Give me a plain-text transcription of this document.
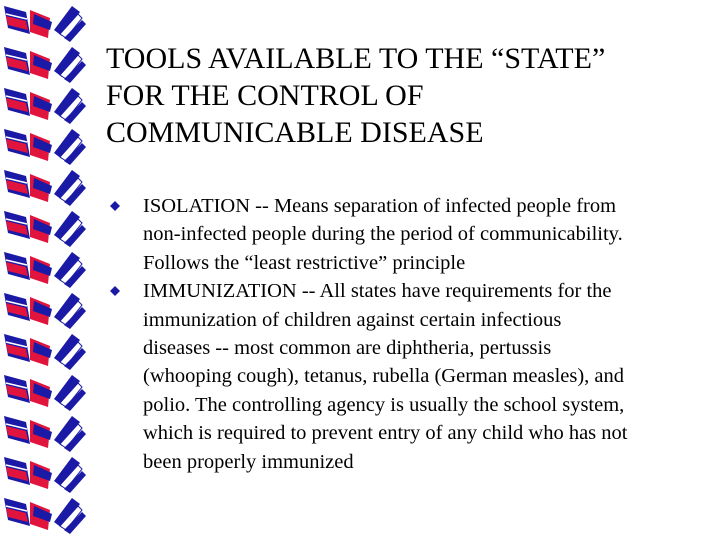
TOOLS AVAILABLE TO THE “STATE”
FOR THE CONTROL OF
COMMUNICABLE DISEASE
ISOLATION -- Means separation of infected people from
non-infected people during the period of communicability.
Follows the “least restrictive” principle
IMMUNIZATION -- All states have requirements for the
immunization of children against certain infectious
diseases -- most common are diphtheria, pertussis
(whooping cough), tetanus, rubella (German measles), and
polio. The controlling agency is usually the school system,
which is required to prevent entry of any child who has not
been properly immunized
